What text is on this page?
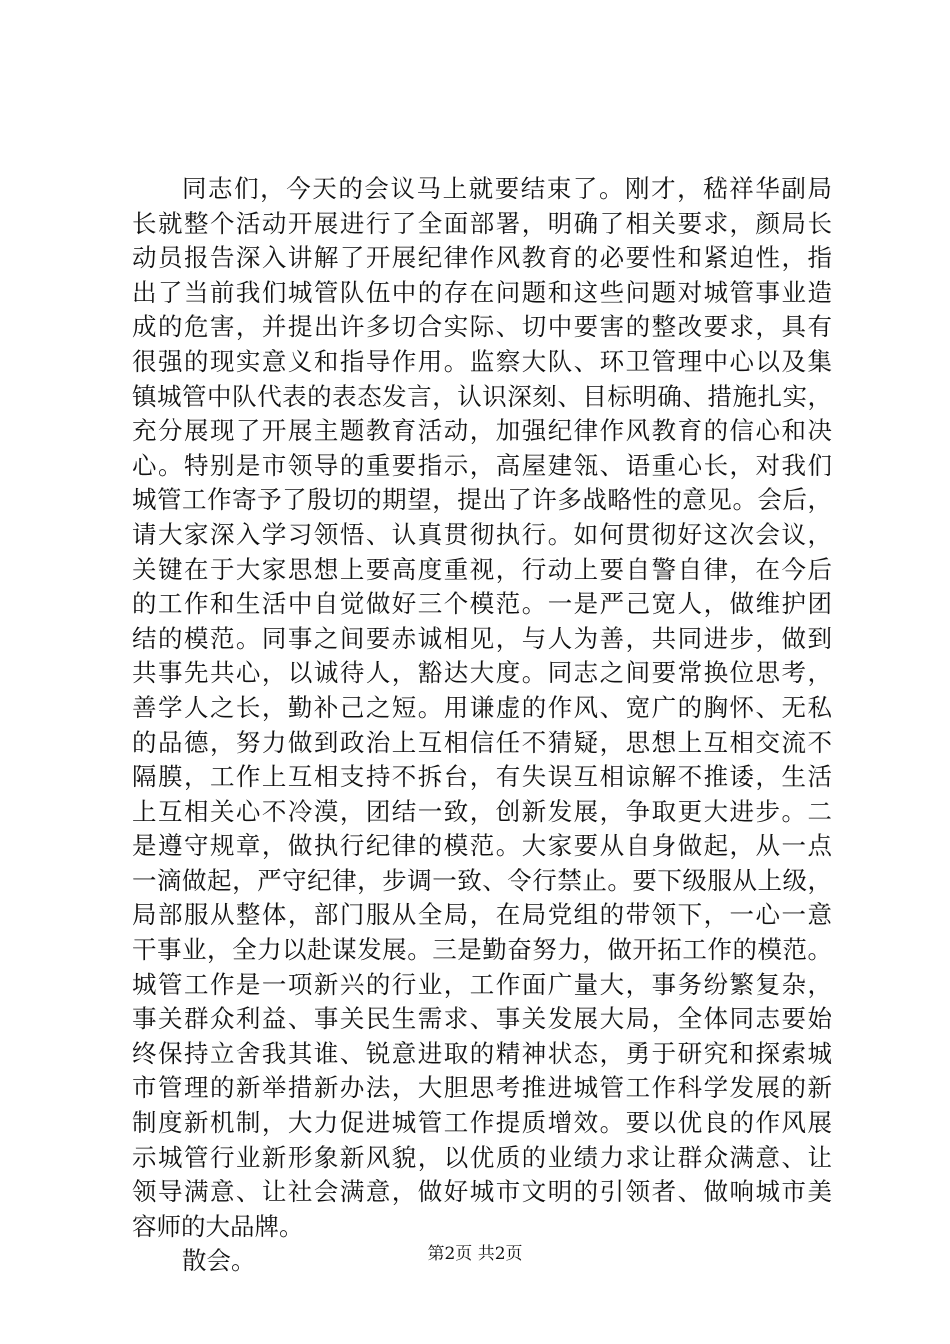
同志们，今天的会议马上就要结束了。刚才，嵇祥华副局
长就整个活动开展进行了全面部署，明确了相关要求，颜局长
动员报告深入讲解了开展纪律作风教育的必要性和紧迫性，指
出了当前我们城管队伍中的存在问题和这些问题对城管事业造
成的危害，并提出许多切合实际、切中要害的整改要求，具有
很强的现实意义和指导作用。监察大队、环卫管理中心以及集
镇城管中队代表的表态发言，认识深刻、目标明确、措施扎实，
充分展现了开展主题教育活动，加强纪律作风教育的信心和决
心。特别是市领导的重要指示，高屋建瓴、语重心长，对我们
城管工作寄予了殷切的期望，提出了许多战略性的意见。会后，
请大家深入学习领悟、认真贯彻执行。如何贯彻好这次会议，
关键在于大家思想上要高度重视，行动上要自警自律，在今后
的工作和生活中自觉做好三个模范。一是严己宽人，做维护团
结的模范。同事之间要赤诚相见，与人为善，共同进步，做到
共事先共心，以诚待人，豁达大度。同志之间要常换位思考，
善学人之长，勤补己之短。用谦虚的作风、宽广的胸怀、无私
的品德，努力做到政治上互相信任不猜疑，思想上互相交流不
隔膜，工作上互相支持不拆台，有失误互相谅解不推诿，生活
上互相关心不冷漠，团结一致，创新发展，争取更大进步。二
是遵守规章，做执行纪律的模范。大家要从自身做起，从一点
一滴做起，严守纪律，步调一致、令行禁止。要下级服从上级，
局部服从整体，部门服从全局，在局党组的带领下，一心一意
干事业，全力以赴谋发展。三是勤奋努力，做开拓工作的模范。
城管工作是一项新兴的行业，工作面广量大，事务纷繁复杂，
事关群众利益、事关民生需求、事关发展大局，全体同志要始
终保持立舍我其谁、锐意进取的精神状态，勇于研究和探索城
市管理的新举措新办法，大胆思考推进城管工作科学发展的新
制度新机制，大力促进城管工作提质增效。要以优良的作风展
示城管行业新形象新风貌，以优质的业绩力求让群众满意、让
领导满意、让社会满意，做好城市文明的引领者、做响城市美
容师的大品牌。
散会。	第2页 共2页
